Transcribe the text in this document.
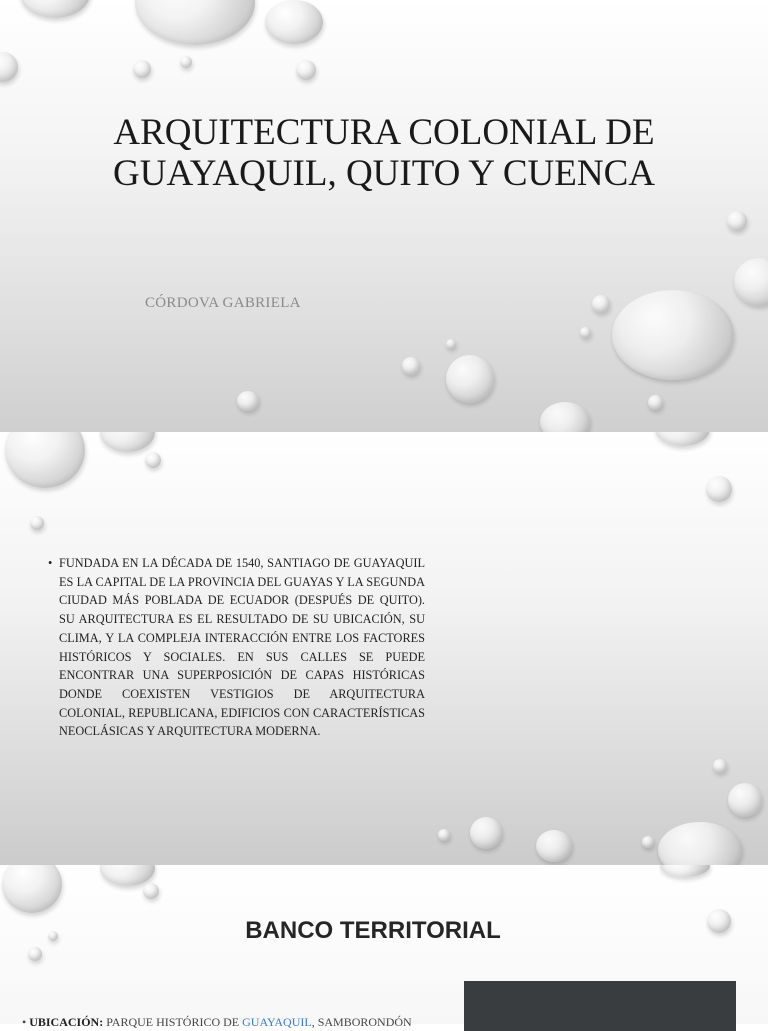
ARQUITECTURA COLONIAL DE GUAYAQUIL, QUITO Y CUENCA
CÓRDOVA GABRIELA
• FUNDADA EN LA DÉCADA DE 1540, SANTIAGO DE GUAYAQUIL ES LA CAPITAL DE LA PROVINCIA DEL GUAYAS Y LA SEGUNDA CIUDAD MÁS POBLADA DE ECUADOR (DESPUÉS DE QUITO). SU ARQUITECTURA ES EL RESULTADO DE SU UBICACIÓN, SU CLIMA, Y LA COMPLEJA INTERACCIÓN ENTRE LOS FACTORES HISTÓRICOS Y SOCIALES. EN SUS CALLES SE PUEDE ENCONTRAR UNA SUPERPOSICIÓN DE CAPAS HISTÓRICAS DONDE COEXISTEN VESTIGIOS DE ARQUITECTURA COLONIAL, REPUBLICANA, EDIFICIOS CON CARACTERÍSTICAS NEOCLÁSICAS Y ARQUITECTURA MODERNA.
BANCO TERRITORIAL
• UBICACIÓN: PARQUE HISTÓRICO DE GUAYAQUIL, SAMBORONDÓN
